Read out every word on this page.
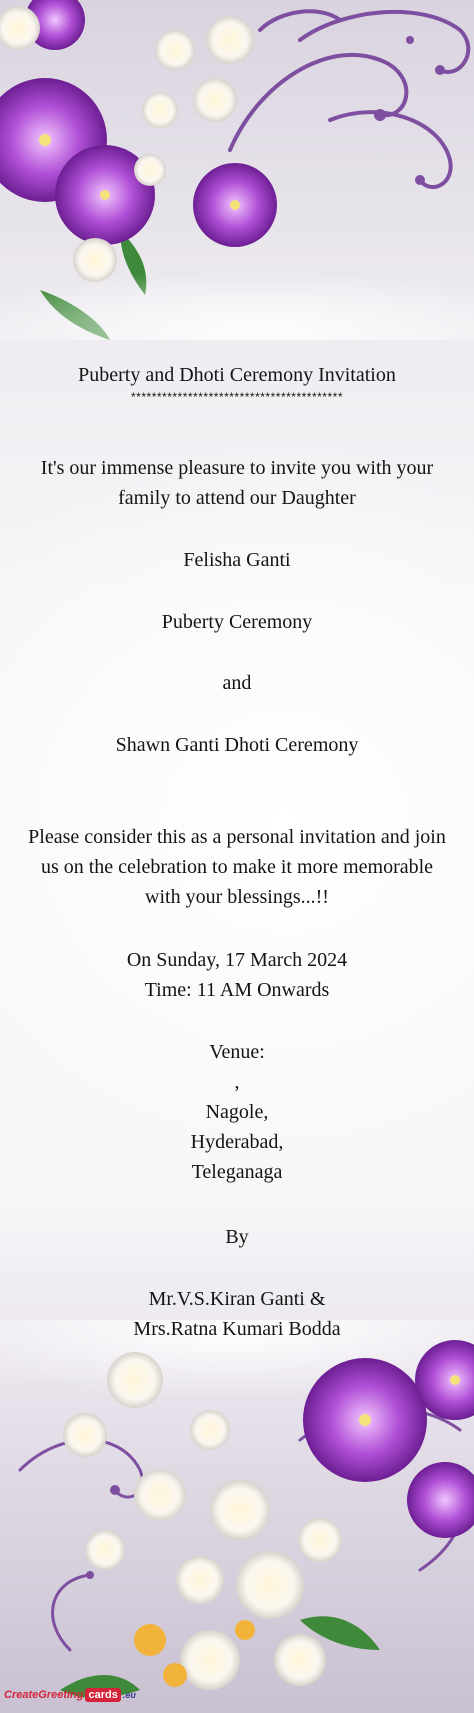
Puberty and Dhoti Ceremony Invitation
*****************************************
It's our immense pleasure to invite you with your
family to attend our Daughter
Felisha Ganti
Puberty Ceremony
and
Shawn Ganti Dhoti Ceremony
Please consider this as a personal invitation and join
us on the celebration to make it more memorable
with your blessings...!!
On Sunday, 17 March 2024
Time: 11 AM Onwards
Venue:
,
Nagole,
Hyderabad,
Teleganaga
By
Mr.V.S.Kiran Ganti &
Mrs.Ratna Kumari Bodda
CreateGreeting cards .eu
